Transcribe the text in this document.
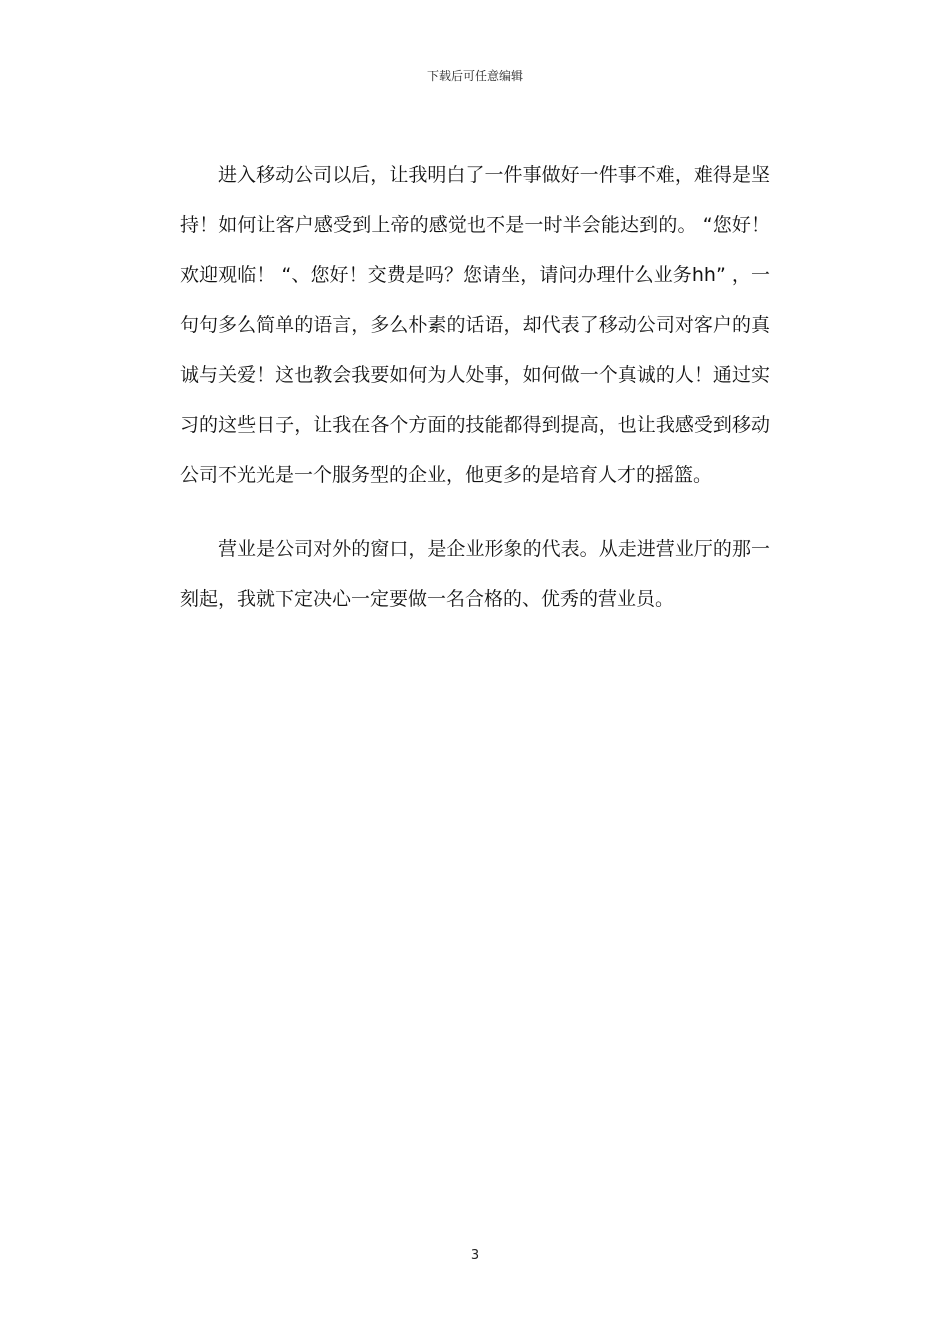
下载后可任意编辑

进入移动公司以后，让我明白了一件事做好一件事不难，难得是坚持！如何让客户感受到上帝的感觉也不是一时半会能达到的。 “您好！欢迎观临！ “、您好！交费是吗？您请坐，请问办理什么业务hh” ，一句句多么简单的语言，多么朴素的话语，却代表了移动公司对客户的真诚与关爱！这也教会我要如何为人处事，如何做一个真诚的人！通过实习的这些日子，让我在各个方面的技能都得到提高，也让我感受到移动公司不光光是一个服务型的企业，他更多的是培育人才的摇篮。

营业是公司对外的窗口，是企业形象的代表。从走进营业厅的那一刻起，我就下定决心一定要做一名合格的、优秀的营业员。

3
